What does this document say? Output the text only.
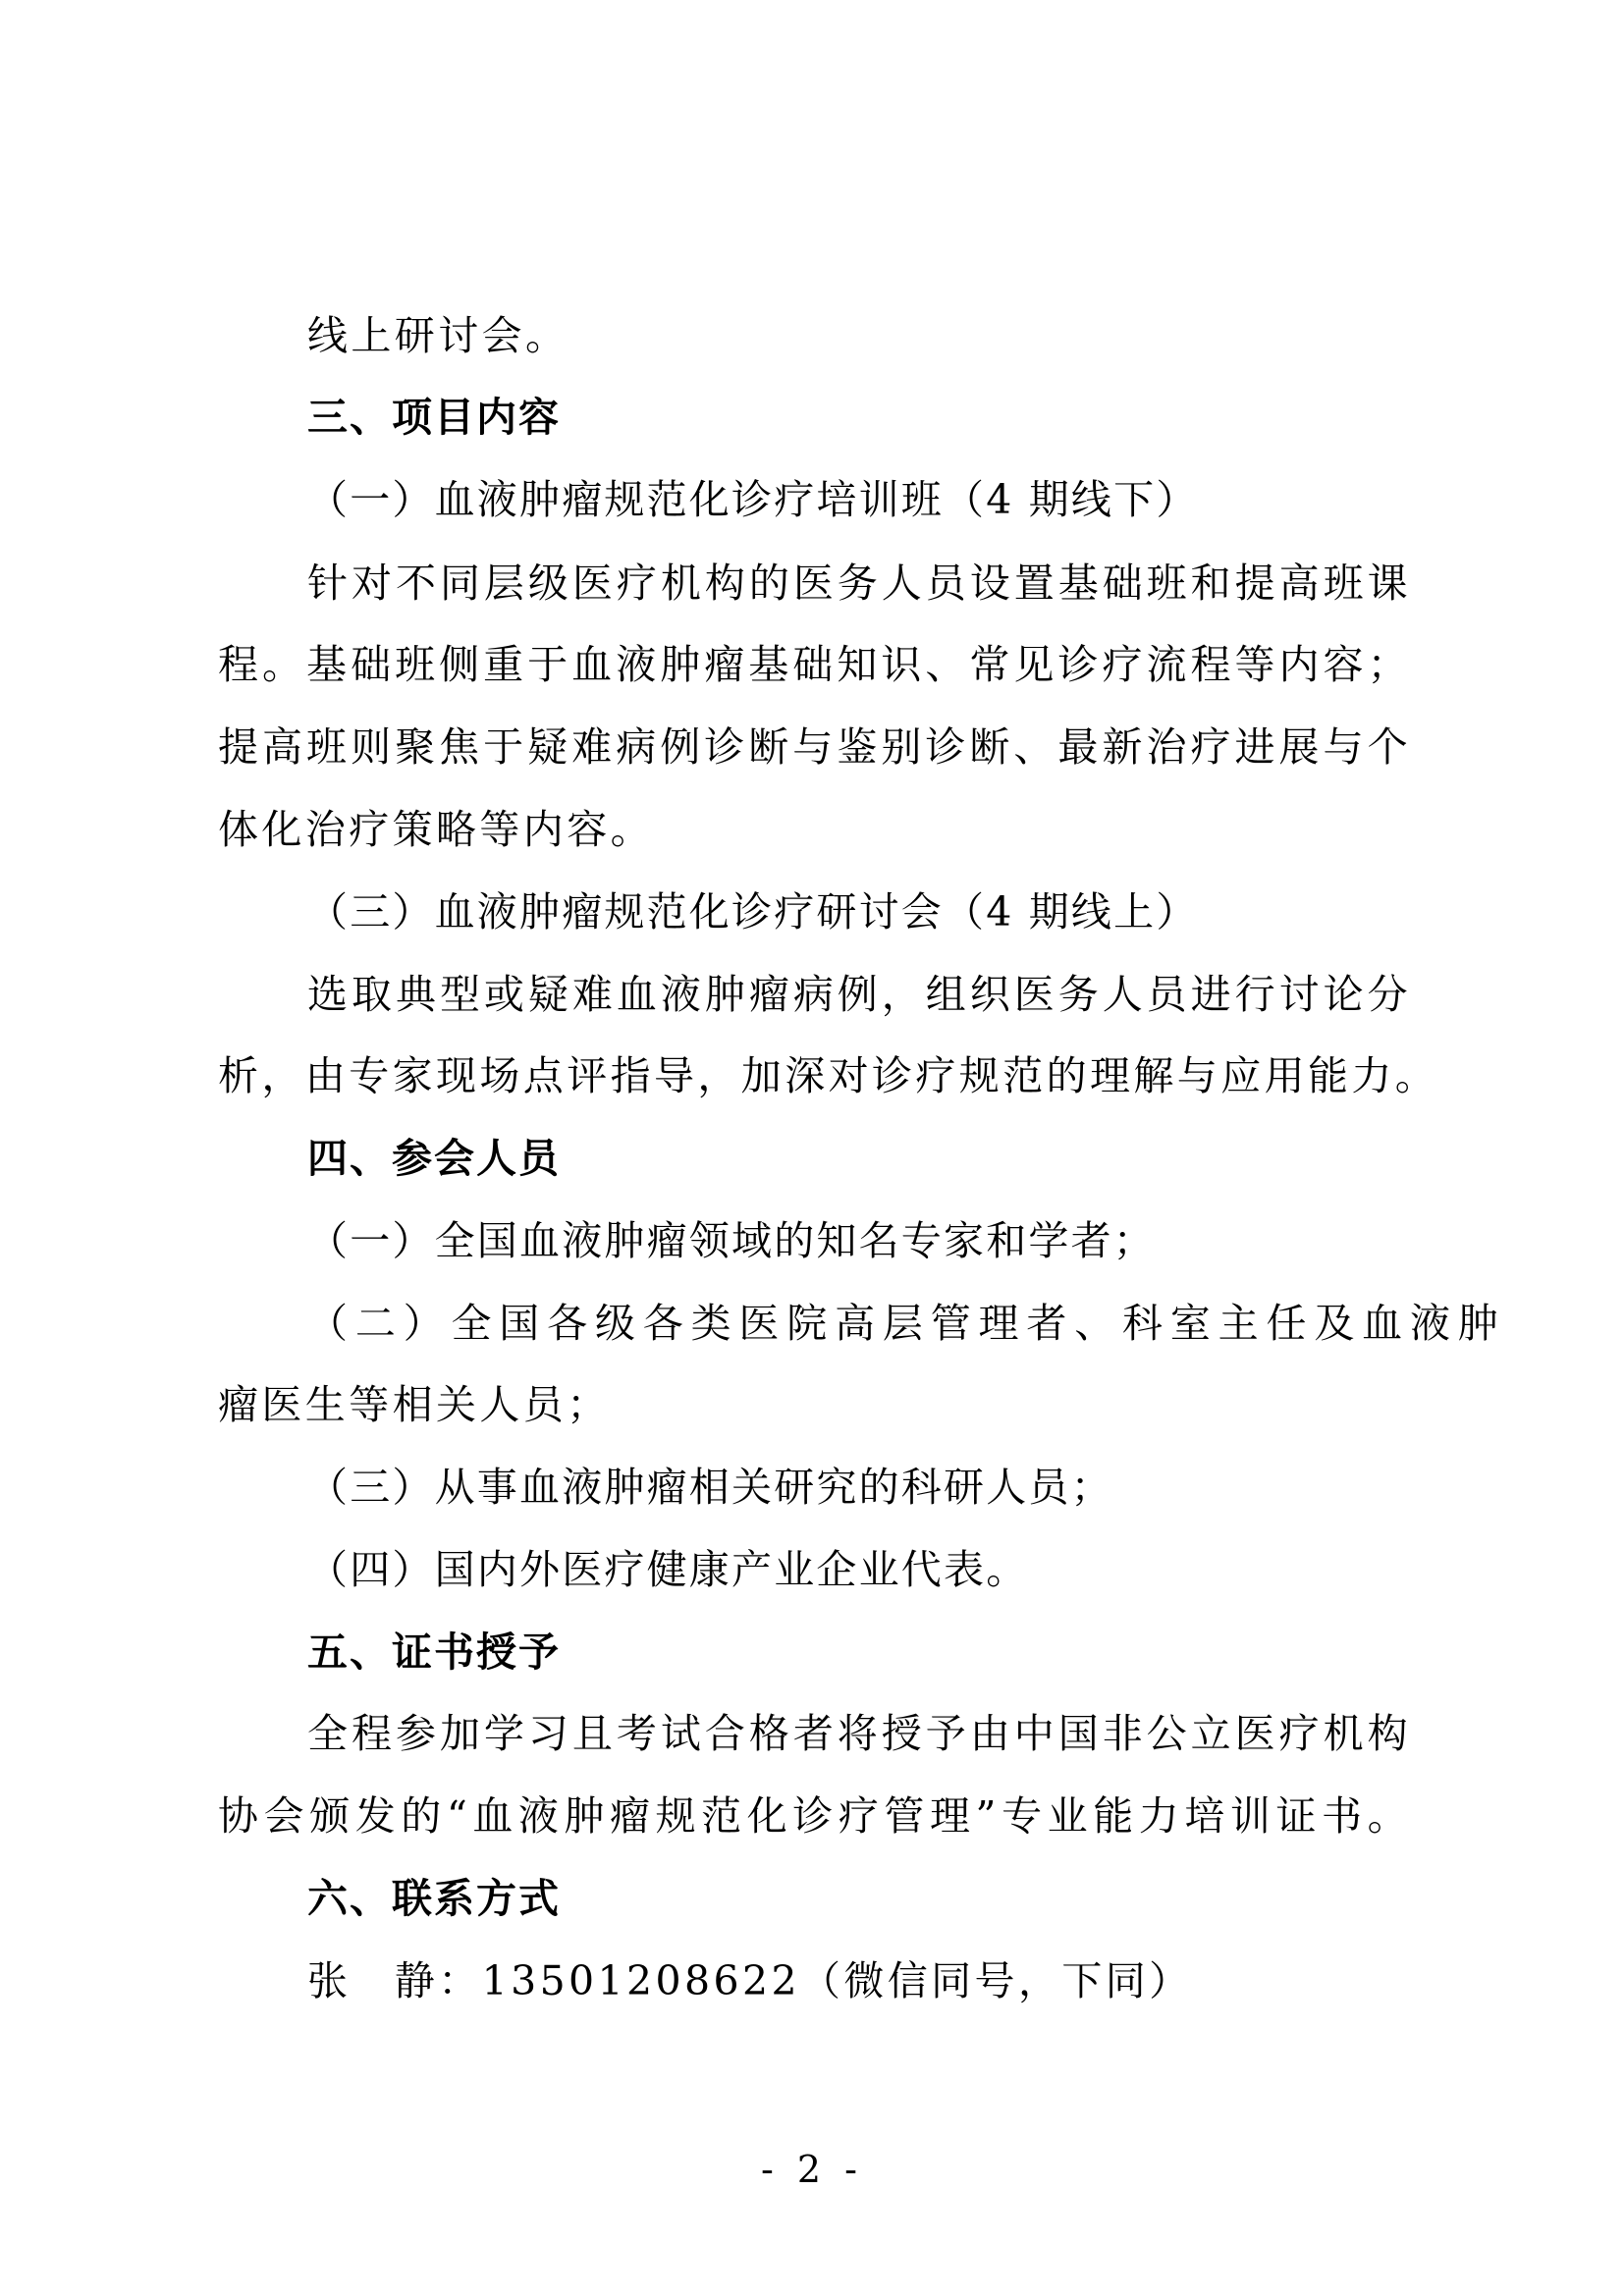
线上研讨会。
三、项目内容
（一）血液肿瘤规范化诊疗培训班（4 期线下）
针对不同层级医疗机构的医务人员设置基础班和提高班课
程。基础班侧重于血液肿瘤基础知识、常见诊疗流程等内容；
提高班则聚焦于疑难病例诊断与鉴别诊断、最新治疗进展与个
体化治疗策略等内容。
（三）血液肿瘤规范化诊疗研讨会（4 期线上）
选取典型或疑难血液肿瘤病例，组织医务人员进行讨论分
析，由专家现场点评指导，加深对诊疗规范的理解与应用能力。
四、参会人员
（一）全国血液肿瘤领域的知名专家和学者；
（二）全国各级各类医院高层管理者、科室主任及血液肿
瘤医生等相关人员；
（三）从事血液肿瘤相关研究的科研人员；
（四）国内外医疗健康产业企业代表。
五、证书授予
全程参加学习且考试合格者将授予由中国非公立医疗机构
协会颁发的“血液肿瘤规范化诊疗管理”专业能力培训证书。
六、联系方式
张　静：13501208622（微信同号，下同）
- 2 -
